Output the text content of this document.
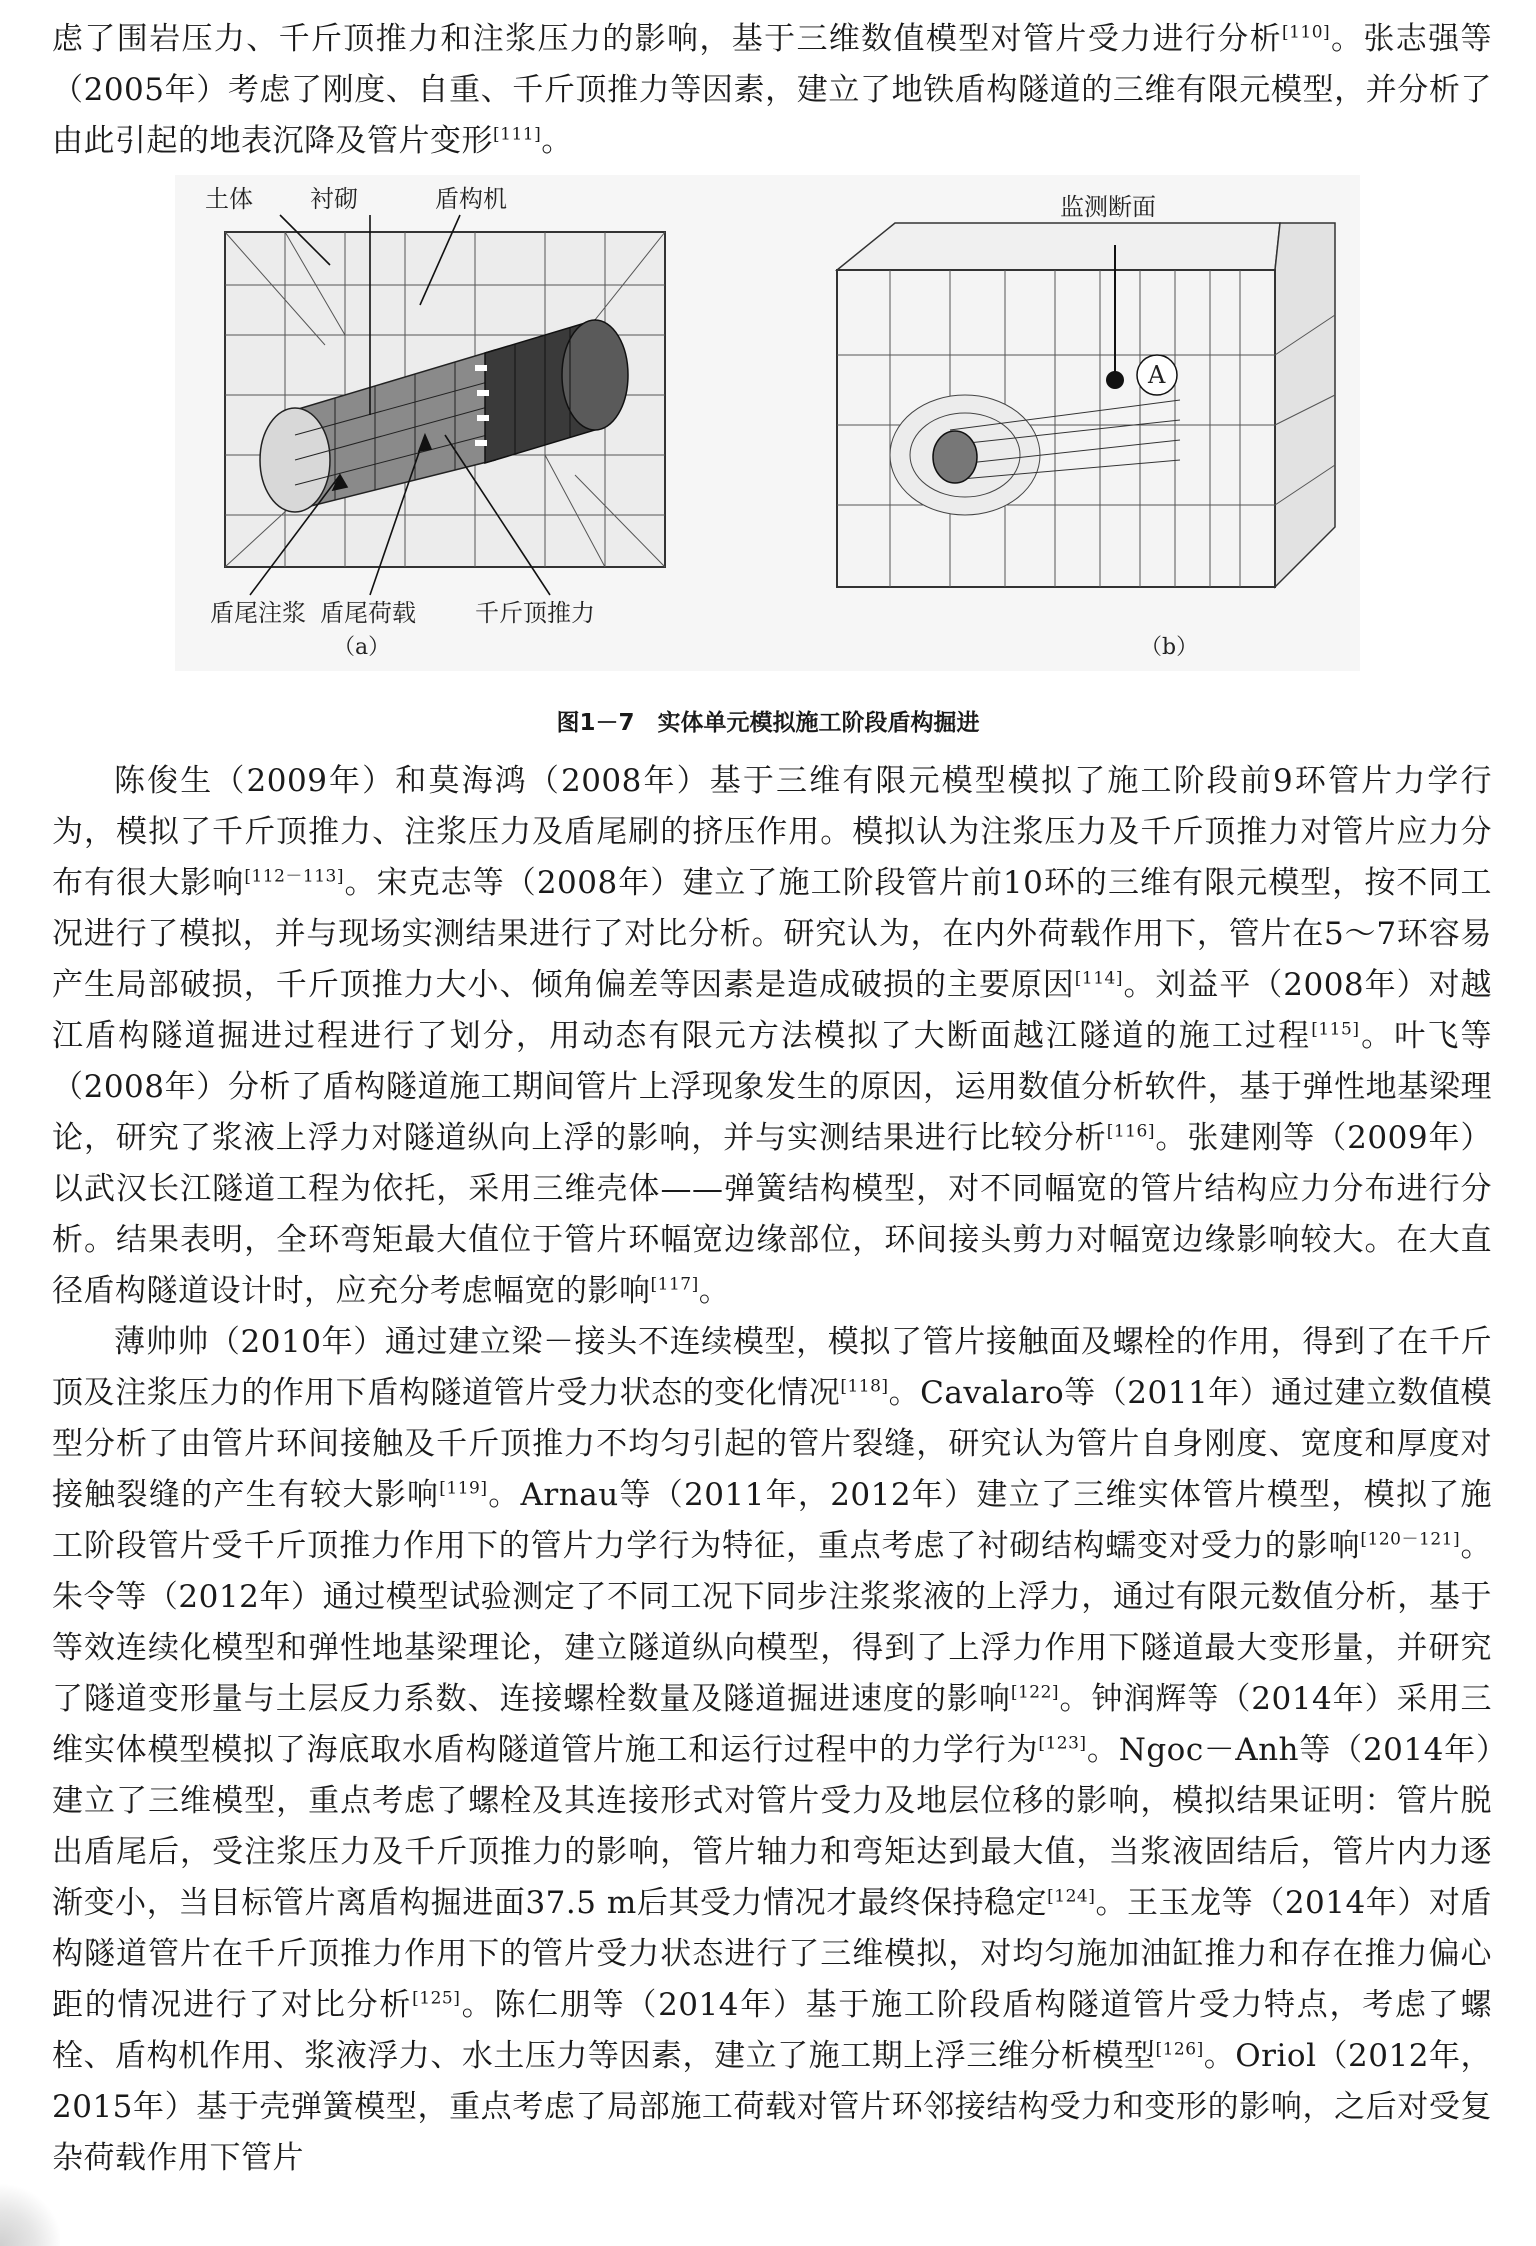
虑了围岩压力、千斤顶推力和注浆压力的影响，基于三维数值模型对管片受力进行分析[110]。张志强等（2005年）考虑了刚度、自重、千斤顶推力等因素，建立了地铁盾构隧道的三维有限元模型，并分析了由此引起的地表沉降及管片变形[111]。

土体 衬砌	盾构机
盾尾注浆 盾尾荷载 千斤顶推力
（a）
A
监测断面
（b）
图1－7　实体单元模拟施工阶段盾构掘进

陈俊生（2009年）和莫海鸿（2008年）基于三维有限元模型模拟了施工阶段前9环管片力学行为，模拟了千斤顶推力、注浆压力及盾尾刷的挤压作用。模拟认为注浆压力及千斤顶推力对管片应力分布有很大影响[112－113]。宋克志等（2008年）建立了施工阶段管片前10环的三维有限元模型，按不同工况进行了模拟，并与现场实测结果进行了对比分析。研究认为，在内外荷载作用下，管片在5～7环容易产生局部破损，千斤顶推力大小、倾角偏差等因素是造成破损的主要原因[114]。刘益平（2008年）对越江盾构隧道掘进过程进行了划分，用动态有限元方法模拟了大断面越江隧道的施工过程[115]。叶飞等（2008年）分析了盾构隧道施工期间管片上浮现象发生的原因，运用数值分析软件，基于弹性地基梁理论，研究了浆液上浮力对隧道纵向上浮的影响，并与实测结果进行比较分析[116]。张建刚等（2009年）以武汉长江隧道工程为依托，采用三维壳体——弹簧结构模型，对不同幅宽的管片结构应力分布进行分析。结果表明，全环弯矩最大值位于管片环幅宽边缘部位，环间接头剪力对幅宽边缘影响较大。在大直径盾构隧道设计时，应充分考虑幅宽的影响[117]。

薄帅帅（2010年）通过建立梁－接头不连续模型，模拟了管片接触面及螺栓的作用，得到了在千斤顶及注浆压力的作用下盾构隧道管片受力状态的变化情况[118]。Cavalaro等（2011年）通过建立数值模型分析了由管片环间接触及千斤顶推力不均匀引起的管片裂缝，研究认为管片自身刚度、宽度和厚度对接触裂缝的产生有较大影响[119]。Arnau等（2011年，2012年）建立了三维实体管片模型，模拟了施工阶段管片受千斤顶推力作用下的管片力学行为特征，重点考虑了衬砌结构蠕变对受力的影响[120－121]。朱令等（2012年）通过模型试验测定了不同工况下同步注浆浆液的上浮力，通过有限元数值分析，基于等效连续化模型和弹性地基梁理论，建立隧道纵向模型，得到了上浮力作用下隧道最大变形量，并研究了隧道变形量与土层反力系数、连接螺栓数量及隧道掘进速度的影响[122]。钟润辉等（2014年）采用三维实体模型模拟了海底取水盾构隧道管片施工和运行过程中的力学行为[123]。Ngoc－Anh等（2014年）建立了三维模型，重点考虑了螺栓及其连接形式对管片受力及地层位移的影响，模拟结果证明：管片脱出盾尾后，受注浆压力及千斤顶推力的影响，管片轴力和弯矩达到最大值，当浆液固结后，管片内力逐渐变小，当目标管片离盾构掘进面37.5 m后其受力情况才最终保持稳定[124]。王玉龙等（2014年）对盾构隧道管片在千斤顶推力作用下的管片受力状态进行了三维模拟，对均匀施加油缸推力和存在推力偏心距的情况进行了对比分析[125]。陈仁朋等（2014年）基于施工阶段盾构隧道管片受力特点，考虑了螺栓、盾构机作用、浆液浮力、水土压力等因素，建立了施工期上浮三维分析模型[126]。Oriol（2012年，2015年）基于壳弹簧模型，重点考虑了局部施工荷载对管片环邻接结构受力和变形的影响，之后对受复杂荷载作用下管片
